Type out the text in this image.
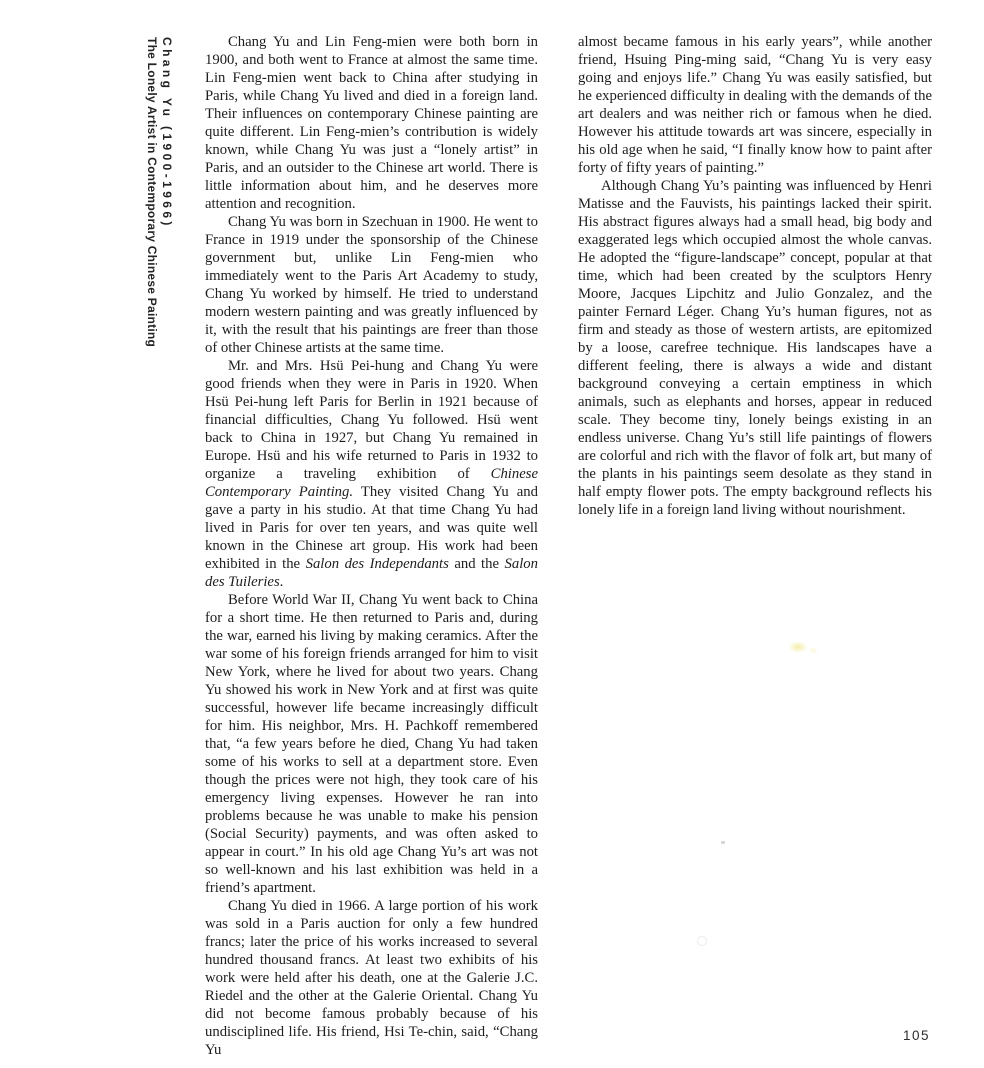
Chang Yu (1900-1966)
The Lonely Artist in Contemporary Chinese Painting	Chang Yu and Lin Feng-mien were both born in 1900, and both went to France at almost the same time. Lin Feng-mien went back to China after studying in Paris, while Chang Yu lived and died in a foreign land. Their influences on contemporary Chinese painting are quite different. Lin Feng-mien’s contribution is widely known, while Chang Yu was just a “lonely artist” in Paris, and an outsider to the Chinese art world. There is little information about him, and he deserves more attention and recognition.

Chang Yu was born in Szechuan in 1900. He went to France in 1919 under the sponsorship of the Chinese government but, unlike Lin Feng-mien who immediately went to the Paris Art Academy to study, Chang Yu worked by himself. He tried to understand modern western painting and was greatly influenced by it, with the result that his paintings are freer than those of other Chinese artists at the same time.

Mr. and Mrs. Hsü Pei-hung and Chang Yu were good friends when they were in Paris in 1920. When Hsü Pei-hung left Paris for Berlin in 1921 because of financial difficulties, Chang Yu followed. Hsü went back to China in 1927, but Chang Yu remained in Europe. Hsü and his wife returned to Paris in 1932 to organize a traveling exhibition of Chinese Contemporary Painting. They visited Chang Yu and gave a party in his studio. At that time Chang Yu had lived in Paris for over ten years, and was quite well known in the Chinese art group. His work had been exhibited in the Salon des Independants and the Salon des Tuileries.

Before World War II, Chang Yu went back to China for a short time. He then returned to Paris and, during the war, earned his living by making ceramics. After the war some of his foreign friends arranged for him to visit New York, where he lived for about two years. Chang Yu showed his work in New York and at first was quite successful, however life became increasingly difficult for him. His neighbor, Mrs. H. Pachkoff remembered that, “a few years before he died, Chang Yu had taken some of his works to sell at a department store. Even though the prices were not high, they took care of his emergency living expenses. However he ran into problems because he was unable to make his pension (Social Security) payments, and was often asked to appear in court.” In his old age Chang Yu’s art was not so well-known and his last exhibition was held in a friend’s apartment.

Chang Yu died in 1966. A large portion of his work was sold in a Paris auction for only a few hundred francs; later the price of his works increased to several hundred thousand francs. At least two exhibits of his work were held after his death, one at the Galerie J.C. Riedel and the other at the Galerie Oriental. Chang Yu did not become famous probably because of his undisciplined life. His friend, Hsi Te-chin, said, “Chang Yu

almost became famous in his early years”, while another friend, Hsuing Ping-ming said, “Chang Yu is very easy going and enjoys life.” Chang Yu was easily satisfied, but he experienced difficulty in dealing with the demands of the art dealers and was neither rich or famous when he died. However his attitude towards art was sincere, especially in his old age when he said, “I finally know how to paint after forty of fifty years of painting.”

Although Chang Yu’s painting was influenced by Henri Matisse and the Fauvists, his paintings lacked their spirit. His abstract figures always had a small head, big body and exaggerated legs which occupied almost the whole canvas. He adopted the “figure-landscape” concept, popular at that time, which had been created by the sculptors Henry Moore, Jacques Lipchitz and Julio Gonzalez, and the painter Fernard Léger. Chang Yu’s human figures, not as firm and steady as those of western artists, are epitomized by a loose, carefree technique. His landscapes have a different feeling, there is always a wide and distant background conveying a certain emptiness in which animals, such as elephants and horses, appear in reduced scale. They become tiny, lonely beings existing in an endless universe. Chang Yu’s still life paintings of flowers are colorful and rich with the flavor of folk art, but many of the plants in his paintings seem desolate as they stand in half empty flower pots. The empty background reflects his lonely life in a foreign land living without nourishment.

105
